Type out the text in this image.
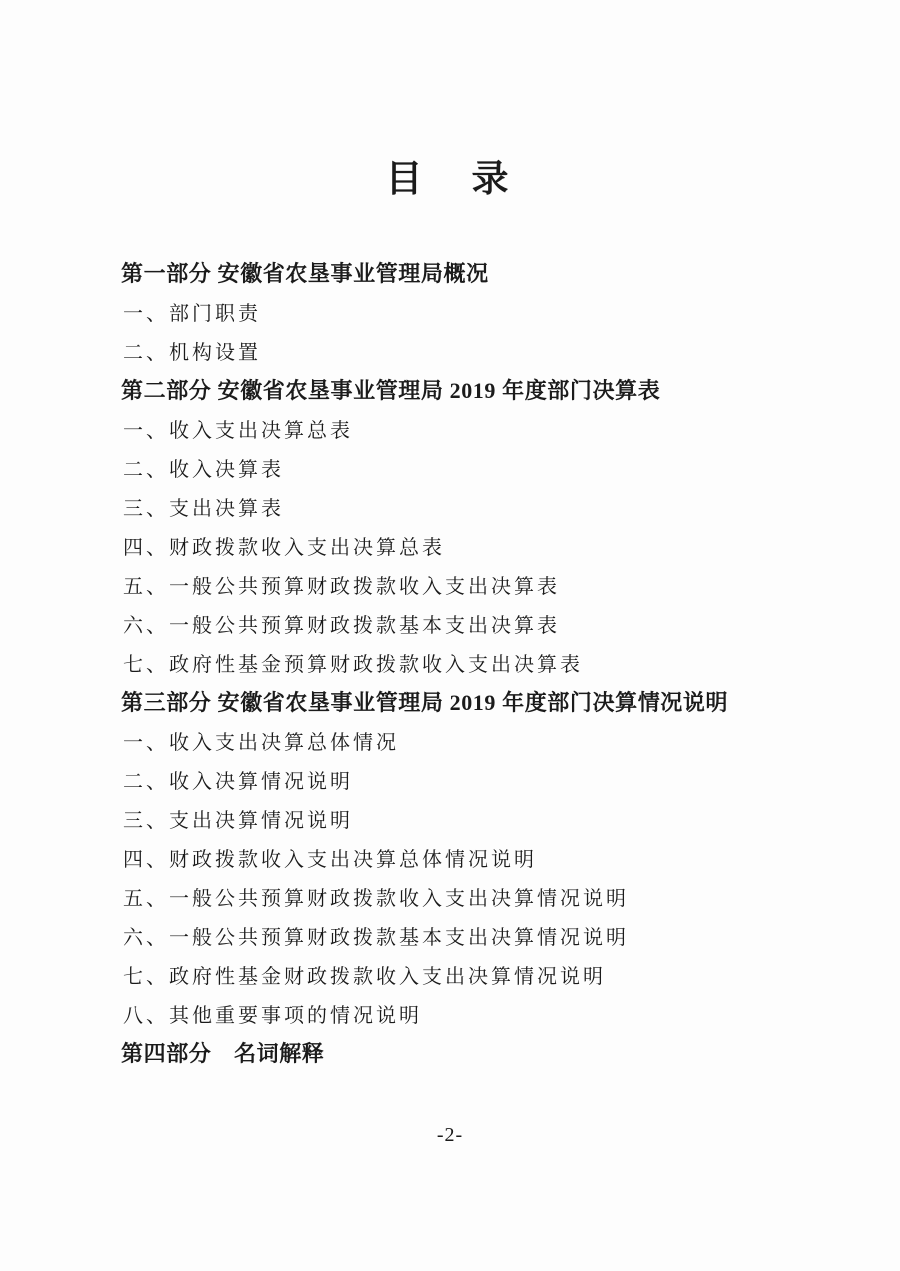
目　录
第一部分 安徽省农垦事业管理局概况
一、部门职责
二、机构设置
第二部分 安徽省农垦事业管理局 2019 年度部门决算表
一、收入支出决算总表
二、收入决算表
三、支出决算表
四、财政拨款收入支出决算总表
五、一般公共预算财政拨款收入支出决算表
六、一般公共预算财政拨款基本支出决算表
七、政府性基金预算财政拨款收入支出决算表
第三部分 安徽省农垦事业管理局 2019 年度部门决算情况说明
一、收入支出决算总体情况
二、收入决算情况说明
三、支出决算情况说明
四、财政拨款收入支出决算总体情况说明
五、一般公共预算财政拨款收入支出决算情况说明
六、一般公共预算财政拨款基本支出决算情况说明
七、政府性基金财政拨款收入支出决算情况说明
八、其他重要事项的情况说明
第四部分　名词解释
-2-
